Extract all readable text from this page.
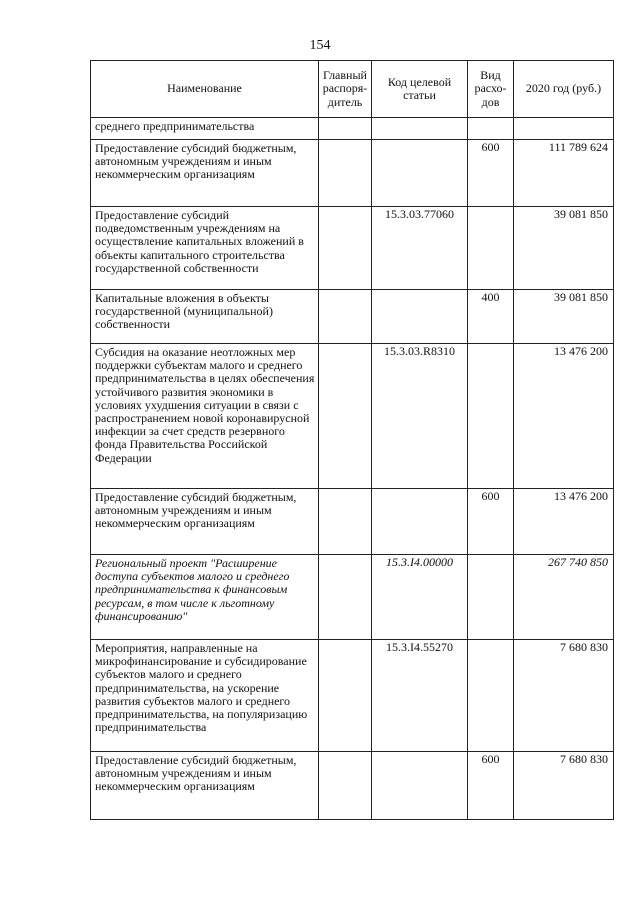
154
Наименование	Главный распоря-дитель	Код целевой статьи	Вид расхо-дов	2020 год (руб.)
среднего предпринимательства				
Предоставление субсидий бюджетным, автономным учреждениям и иным некоммерческим организациям			600	111 789 624
Предоставление субсидий подведомственным учреждениям на осуществление капитальных вложений в объекты капитального строительства государственной собственности		15.3.03.77060		39 081 850
Капитальные вложения в объекты государственной (муниципальной) собственности			400	39 081 850
Субсидия на оказание неотложных мер поддержки субъектам малого и среднего предпринимательства в целях обеспечения устойчивого развития экономики в условиях ухудшения ситуации в связи с распространением новой коронавирусной инфекции за счет средств резервного фонда Правительства Российской Федерации		15.3.03.R8310		13 476 200
Предоставление субсидий бюджетным, автономным учреждениям и иным некоммерческим организациям			600	13 476 200
Региональный проект "Расширение доступа субъектов малого и среднего предпринимательства к финансовым ресурсам, в том числе к льготному финансированию"		15.3.I4.00000		267 740 850
Мероприятия, направленные на микрофинансирование и субсидирование субъектов малого и среднего предпринимательства, на ускорение развития субъектов малого и среднего предпринимательства, на популяризацию предпринимательства		15.3.I4.55270		7 680 830
Предоставление субсидий бюджетным, автономным учреждениям и иным некоммерческим организациям			600	7 680 830
